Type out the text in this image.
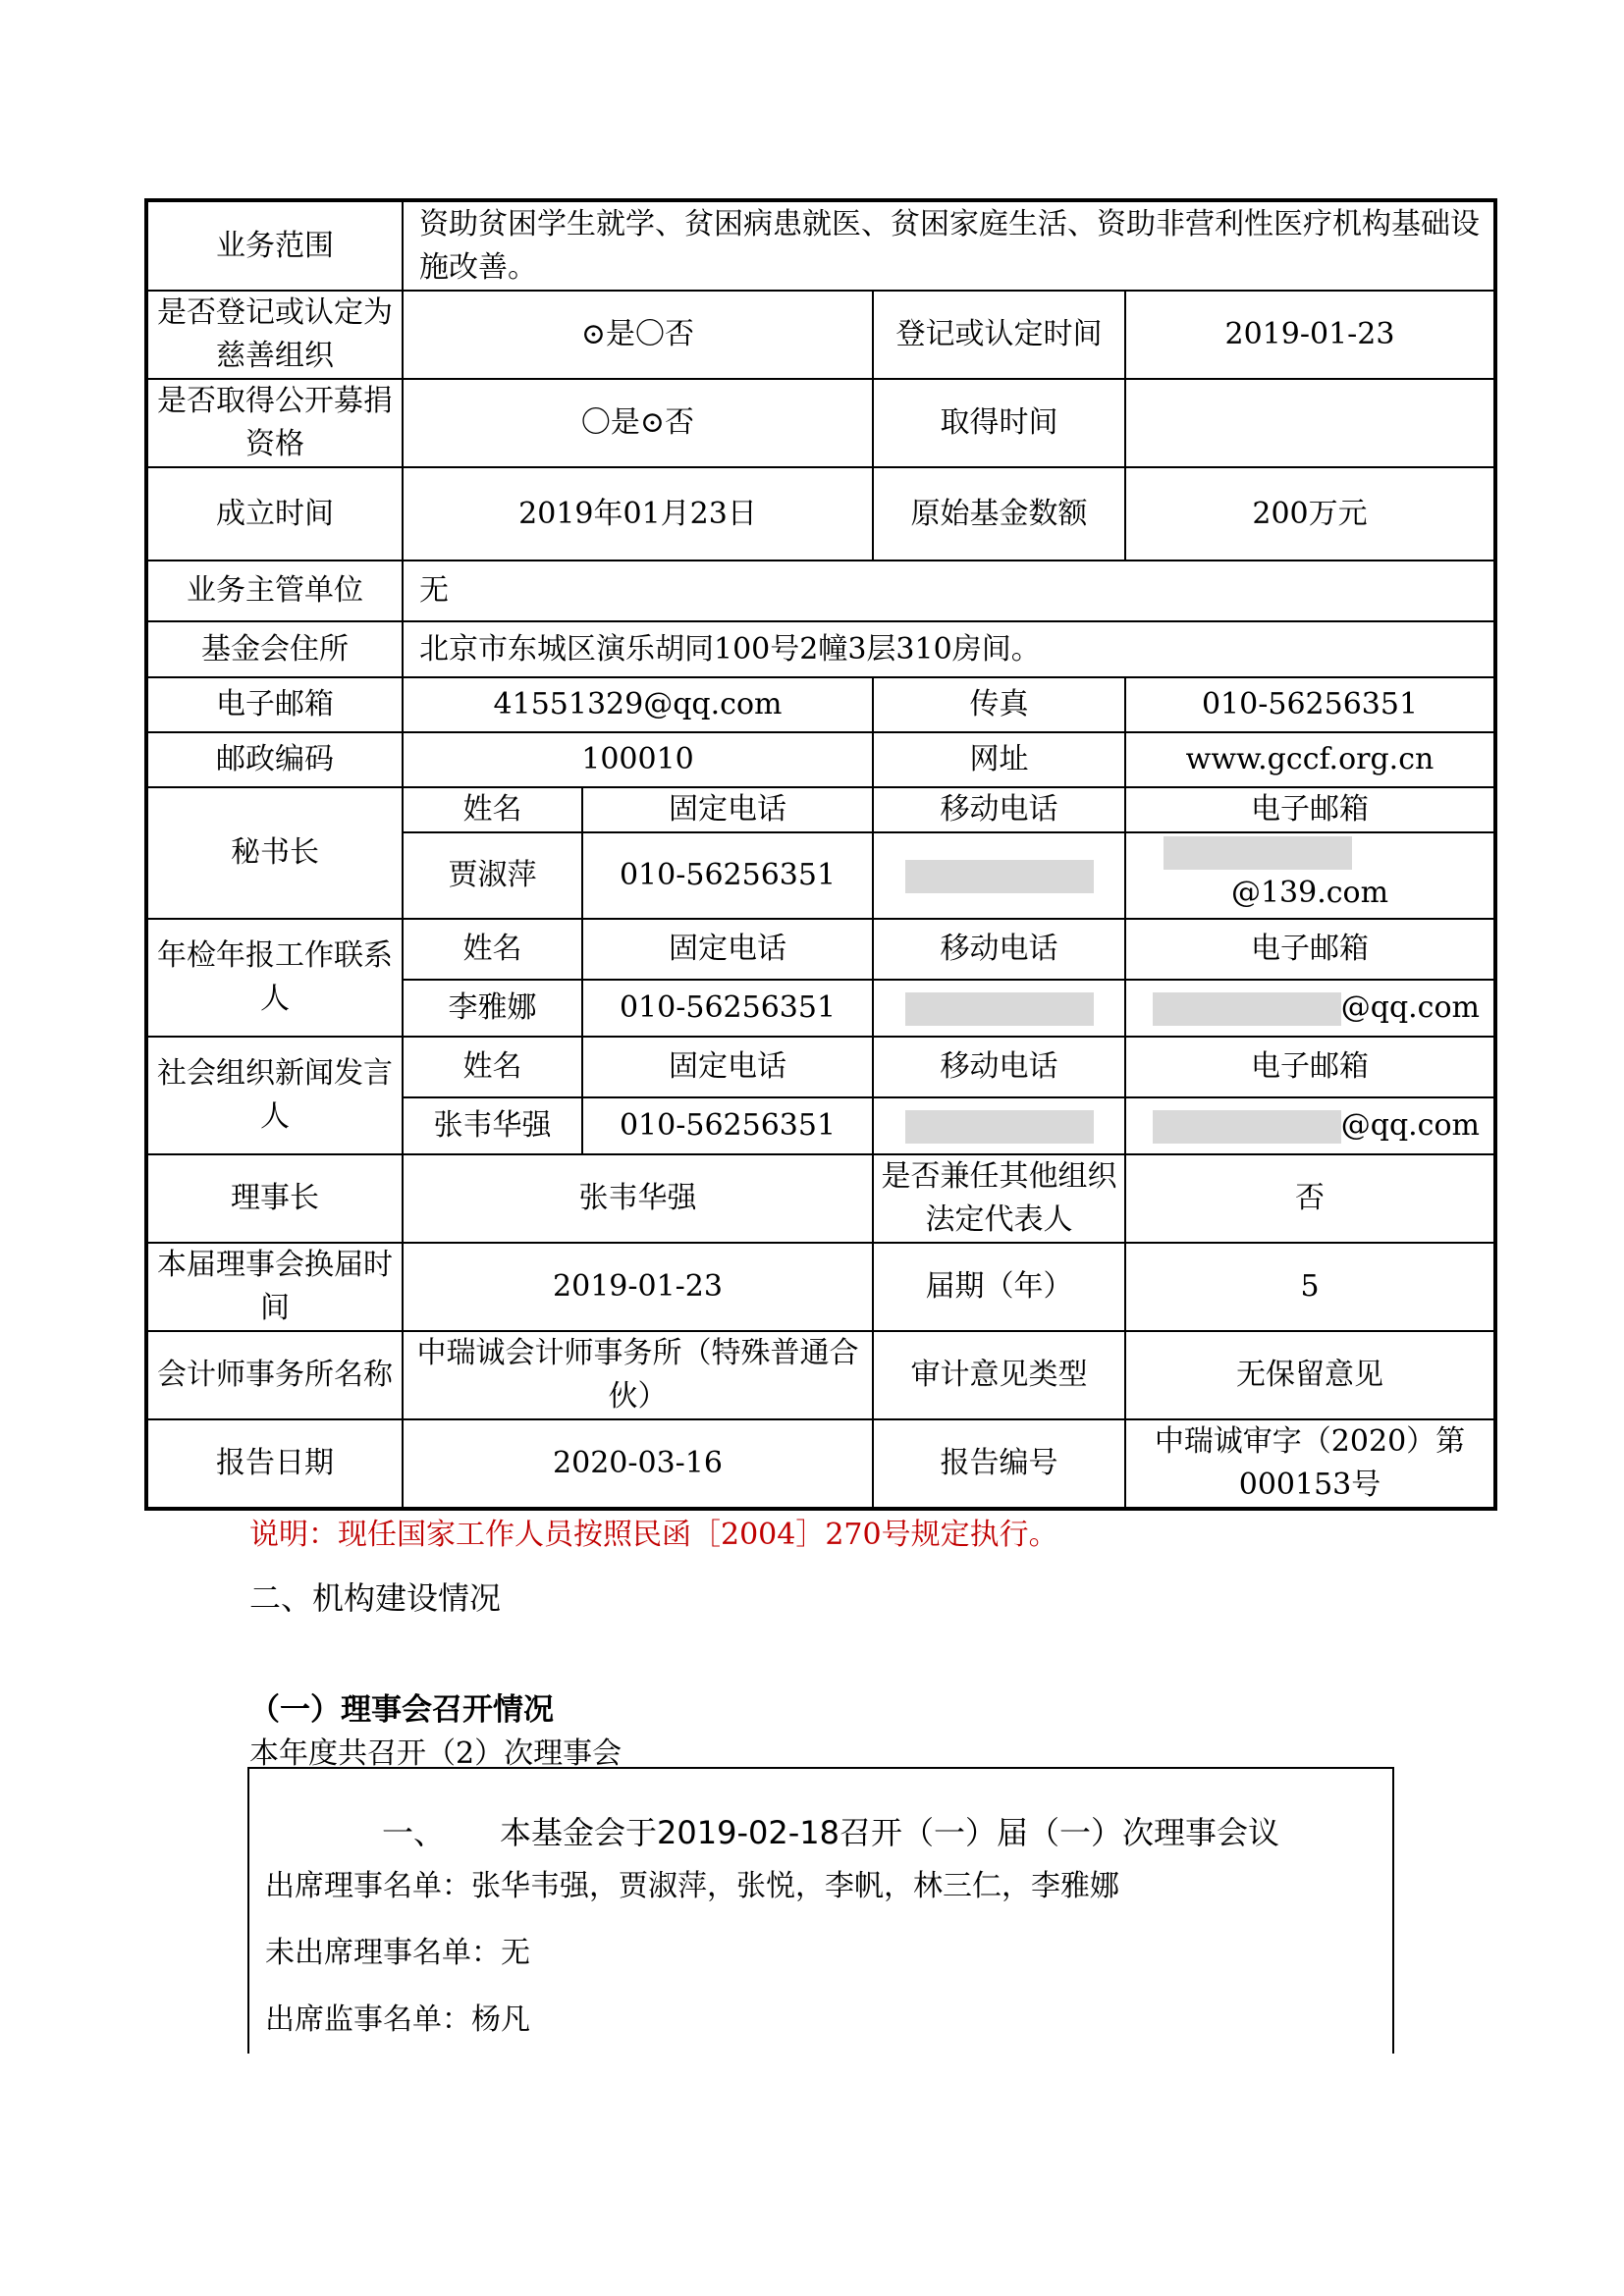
业务范围	资助贫困学生就学、贫困病患就医、贫困家庭生活、资助非营利性医疗机构基础设施改善。			
是否登记或认定为慈善组织	⊙是〇否		登记或认定时间	2019-01-23
是否取得公开募捐资格	〇是⊙否		取得时间	
成立时间	2019年01月23日		原始基金数额	200万元
业务主管单位	无			
基金会住所	北京市东城区演乐胡同100号2幢3层310房间。			
电子邮箱	41551329@qq.com		传真	010-56256351
邮政编码	100010		网址	www.gccf.org.cn
秘书长	姓名	固定电话	移动电话	电子邮箱
	贾淑萍	010-56256351		@139.com
年检年报工作联系人	姓名	固定电话	移动电话	电子邮箱
	李雅娜	010-56256351		@qq.com
社会组织新闻发言人	姓名	固定电话	移动电话	电子邮箱
	张韦华强	010-56256351		@qq.com
理事长	张韦华强		是否兼任其他组织法定代表人	否
本届理事会换届时间	2019-01-23		届期（年）	5
会计师事务所名称	中瑞诚会计师事务所（特殊普通合伙）		审计意见类型	无保留意见
报告日期	2020-03-16		报告编号	中瑞诚审字（2020）第000153号
说明：现任国家工作人员按照民函［2004］270号规定执行。
二、机构建设情况
（一）理事会召开情况
本年度共召开（2）次理事会
一、 本基金会于2019-02-18召开（一）届（一）次理事会议
出席理事名单：张华韦强，贾淑萍，张悦，李帆，林三仁，李雅娜
未出席理事名单：无
出席监事名单：杨凡
